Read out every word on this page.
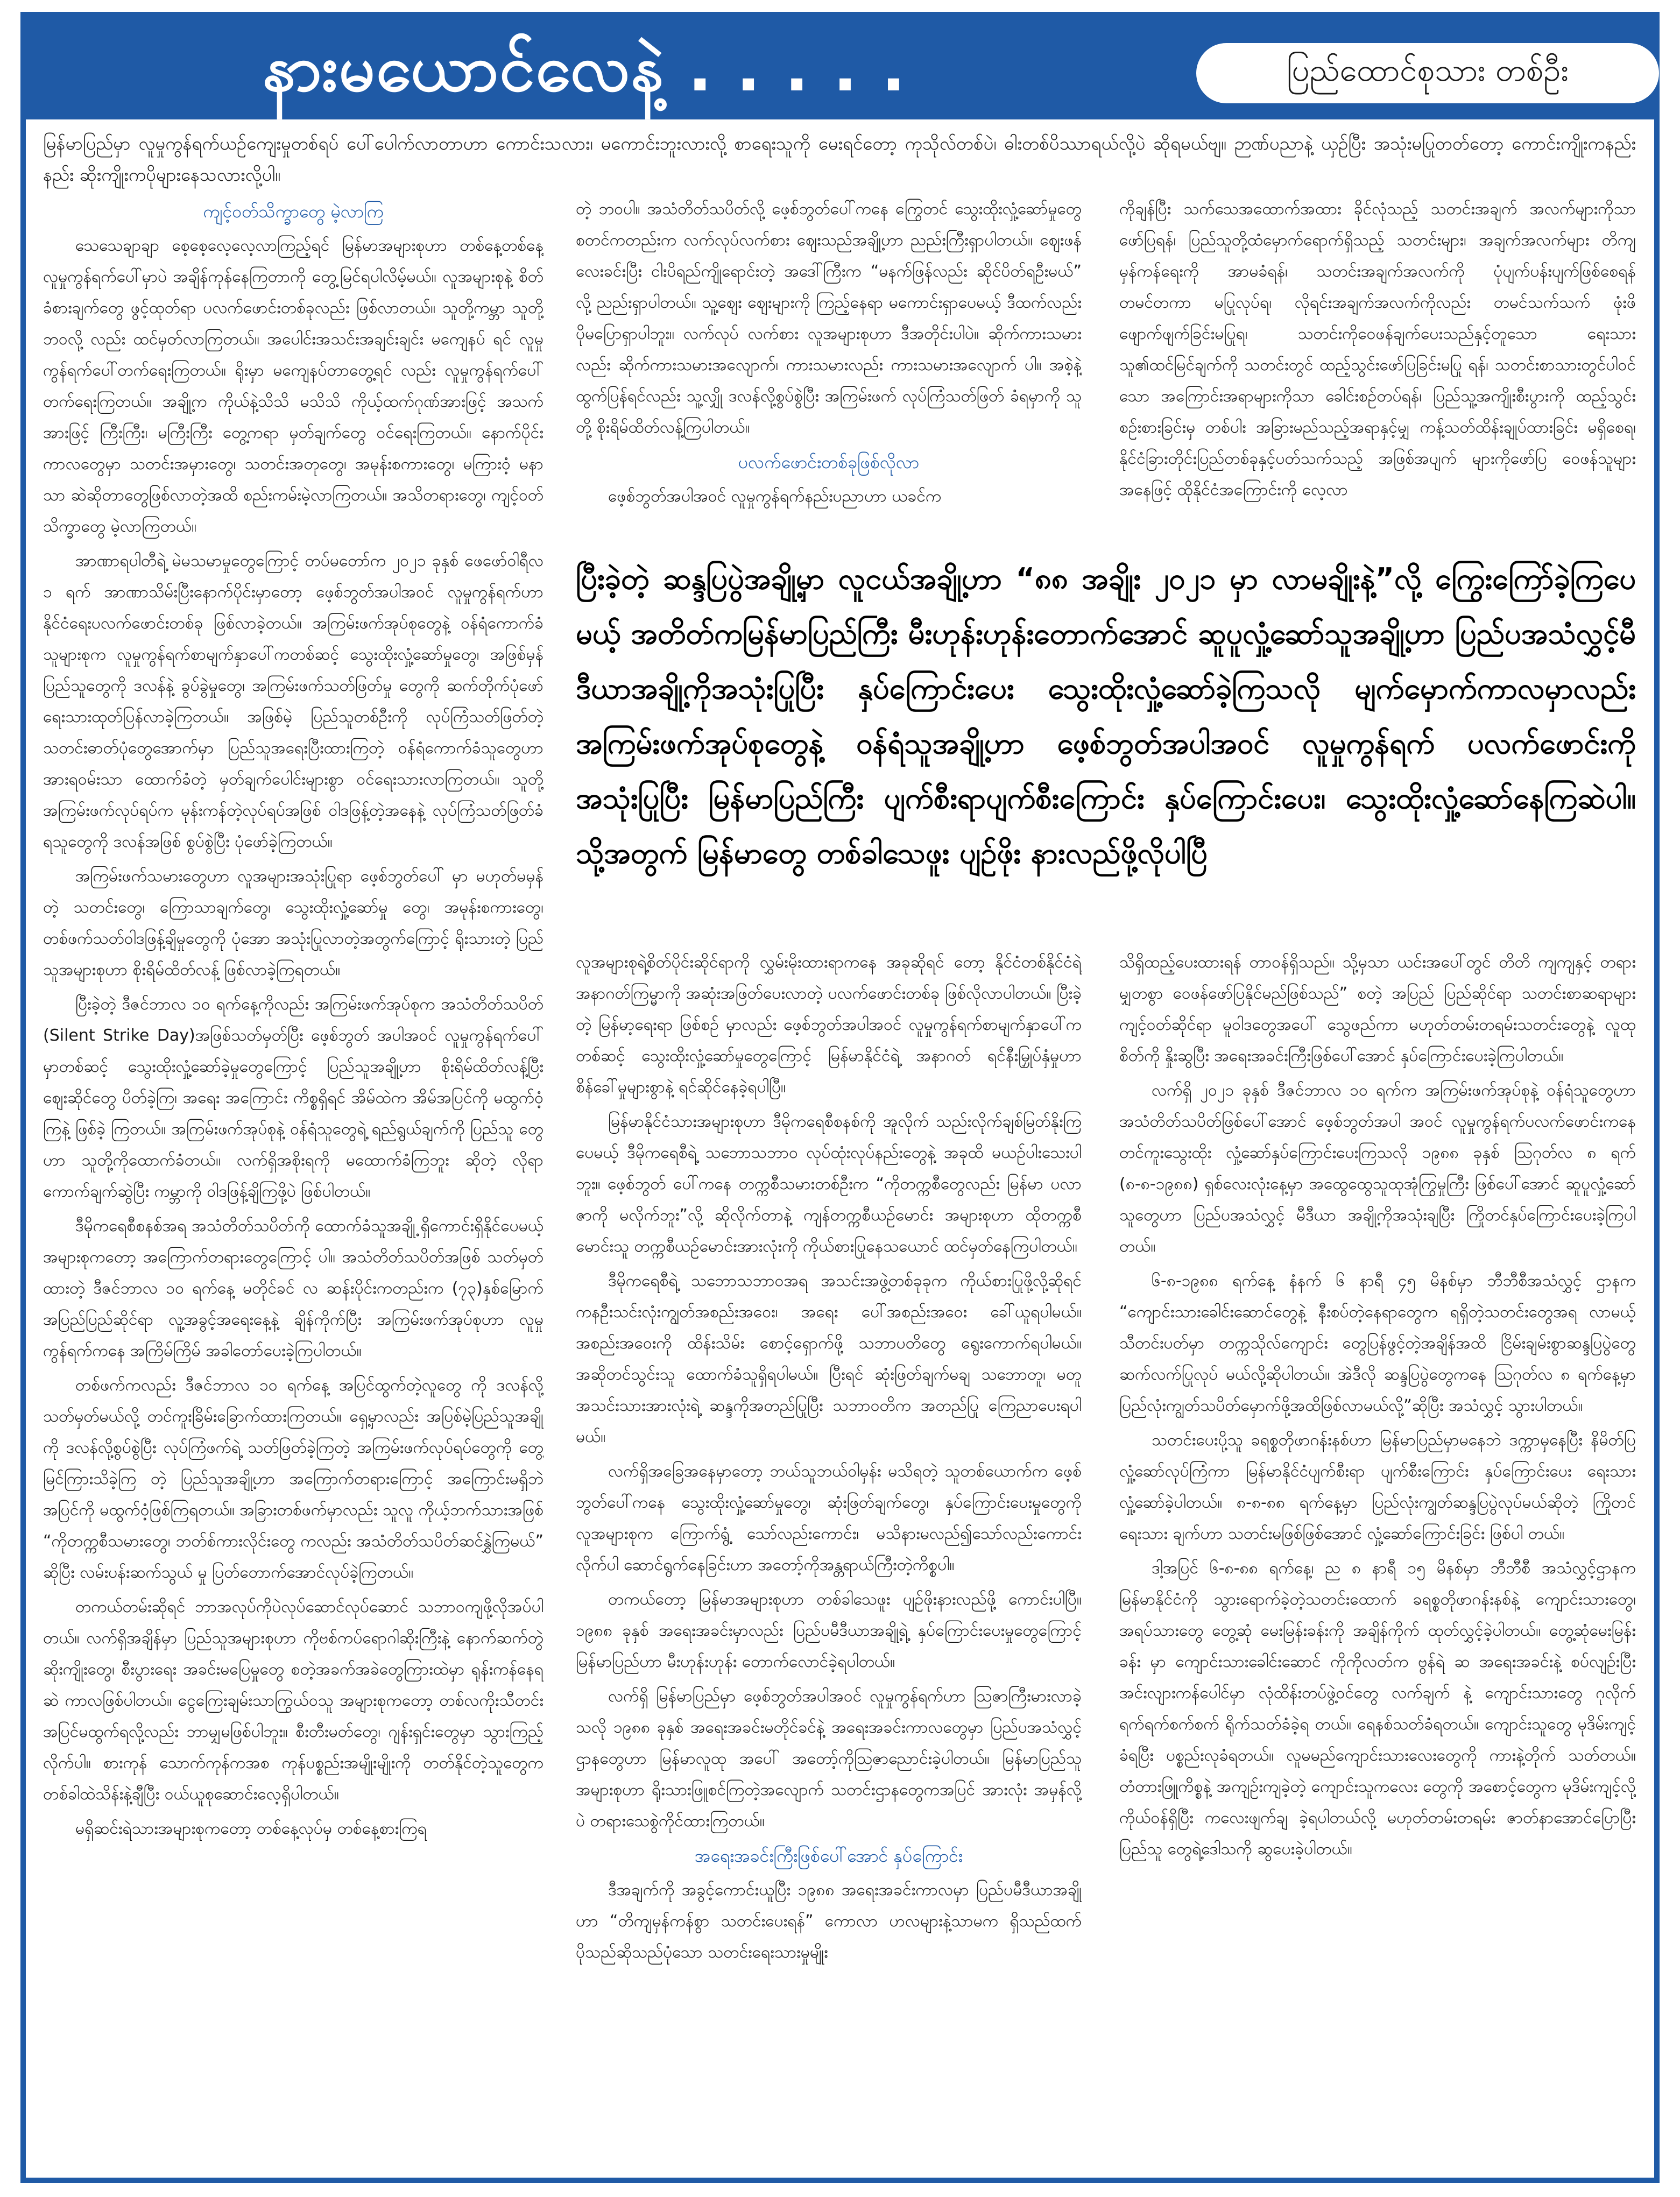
နားမယောင်လေနဲ့ . . . . .	ပြည်ထောင်စုသား တစ်ဦး
မြန်မာပြည်မှာ လူမှုကွန်ရက်ယဉ်ကျေးမှုတစ်ရပ် ပေါ်ပေါက်လာတာဟာ ကောင်းသလား၊ မကောင်းဘူးလားလို့ စာရေးသူကို မေးရင်တော့ ကုသိုလ်တစ်ပဲ၊ ဓါးတစ်ပိဿာရယ်လို့ပဲ ဆိုရမယ်ဗျ။ ဉာဏ်ပညာနဲ့ ယှဉ်ပြီး အသုံးမပြုတတ်တော့ ကောင်းကျိုးကနည်းနည်း ဆိုးကျိုးကပိုများနေသလားလို့ပါ။

ကျင့်ဝတ်သိက္ခာတွေ မဲ့လာကြ

သေသေချာချာ စေ့စေ့လေ့လေ့လာကြည့်ရင် မြန်မာအများစုဟာ တစ်နေ့တစ်နေ့ လူမှုကွန်ရက်ပေါ်မှာပဲ အချိန်ကုန်နေကြတာကို တွေ့မြင်ရပါလိမ့်မယ်။ လူအများစုနဲ့ စိတ်ခံစားချက်တွေ ဖွင့်ထုတ်ရာ ပလက်ဖောင်းတစ်ခုလည်း ဖြစ်လာတယ်။ သူတို့ကမ္ဘာ သူတို့ဘဝလို့ လည်း ထင်မှတ်လာကြတယ်။ အပေါင်းအသင်းအချင်းချင်း မကျေနပ် ရင် လူမှုကွန်ရက်ပေါ်တက်ရေးကြတယ်။ ရိုးမှာ မကျေနပ်တာတွေ့ရင် လည်း လူမှုကွန်ရက်ပေါ် တက်ရေးကြတယ်။ အချို့က ကိုယ်နဲ့သိသိ မသိသိ ကိုယ့်ထက်ဂုဏ်အားဖြင့် အသက်အားဖြင့် ကြီးကြီး၊ မကြီးကြီး တွေ့ကရာ မှတ်ချက်တွေ ဝင်ရေးကြတယ်။ နောက်ပိုင်းကာလတွေမှာ သတင်းအမှားတွေ၊ သတင်းအတုတွေ၊ အမုန်းစကားတွေ၊ မကြားဝံ့ မနာသာ ဆဲဆိုတာတွေဖြစ်လာတဲ့အထိ စည်းကမ်းမဲ့လာကြတယ်။ အသိတရားတွေ၊ ကျင့်ဝတ်သိက္ခာတွေ မဲ့လာကြတယ်။

အာဏာရပါတီရဲ့ မဲမသမာမှုတွေကြောင့် တပ်မတော်က ၂၀၂၁ ခုနှစ် ဖေဖော်ဝါရီလ ၁ ရက် အာဏာသိမ်းပြီးနောက်ပိုင်းမှာတော့ ဖေ့စ်ဘွတ်အပါအဝင် လူမှုကွန်ရက်ဟာ နိုင်ငံရေးပလက်ဖောင်းတစ်ခု ဖြစ်လာခဲ့တယ်။ အကြမ်းဖက်အုပ်စုတွေနဲ့ ဝန်ရံကောက်ခံသူများစုက လူမှုကွန်ရက်စာမျက်နှာပေါ်ကတစ်ဆင့် သွေးထိုးလှုံ့ဆော်မှုတွေ၊ အဖြစ်မှန်ပြည်သူတွေကို ဒလန်နဲ့ ခွပ်ခွဲမှုတွေ၊ အကြမ်းဖက်သတ်ဖြတ်မှု တွေကို ဆက်တိုက်ပုံဖော်ရေးသားထုတ်ပြန်လာခဲ့ကြတယ်။ အဖြစ်မဲ့ ပြည်သူတစ်ဦးကို လုပ်ကြံသတ်ဖြတ်တဲ့ သတင်းဓာတ်ပုံတွေအောက်မှာ ပြည်သူအရေးပြီးထားကြတဲ့ ဝန်ရံကောက်ခံသူတွေဟာ အားရဝမ်းသာ ထောက်ခံတဲ့ မှတ်ချက်ပေါင်းများစွာ ဝင်ရေးသားလာကြတယ်။ သူတို့ အကြမ်းဖက်လုပ်ရပ်က မုန်းကန်တဲ့လုပ်ရပ်အဖြစ် ဝါဒဖြန့်တဲ့အနေနဲ့ လုပ်ကြံသတ်ဖြတ်ခံရသူတွေကို ဒလန်အဖြစ် စွပ်စွဲပြီး ပုံဖော်ခဲ့ကြတယ်။

အကြမ်းဖက်သမားတွေဟာ လူအများအသုံးပြုရာ ဖေ့စ်ဘွတ်ပေါ် မှာ မဟုတ်မမှန်တဲ့ သတင်းတွေ၊ ကြောသာချက်တွေ၊ သွေးထိုးလှုံ့ဆော်မှု တွေ၊ အမုန်းစကားတွေ၊ တစ်ဖက်သတ်ဝါဒဖြန့်ချိမှုတွေကို ပုံအော အသုံးပြုလာတဲ့အတွက်ကြောင့် ရိုးသားတဲ့ ပြည်သူအများစုဟာ စိုးရိမ်ထိတ်လန့် ဖြစ်လာခဲ့ကြရတယ်။

ပြီးခဲ့တဲ့ ဒီဇင်ဘာလ ၁၀ ရက်နေ့ကိုလည်း အကြမ်းဖက်အုပ်စုက အသံတိတ်သပိတ် (Silent Strike Day)အဖြစ်သတ်မှတ်ပြီး ဖေ့စ်ဘွတ် အပါအဝင် လူမှုကွန်ရက်ပေါ်မှာတစ်ဆင့် သွေးထိုးလှုံ့ဆော်ခဲ့မှုတွေကြောင့် ပြည်သူအချို့ဟာ စိုးရိမ်ထိတ်လန့်ပြီး ဈေးဆိုင်တွေ ပိတ်ခဲ့ကြ၊ အရေး အကြောင်း ကိစ္စရှိရင် အိမ်ထဲက အိမ်အပြင်ကို မထွက်ဝံ့ကြနဲ့ ဖြစ်ခဲ့ ကြတယ်။ အကြမ်းဖက်အုပ်စုနဲ့ ဝန်ရံသူတွေရဲ့ ရည်ရွယ်ချက်ကို ပြည်သူ တွေဟာ သူတို့ကိုထောက်ခံတယ်။ လက်ရှိအစိုးရကို မထောက်ခံကြဘူး ဆိုတဲ့ လိုရာကောက်ချက်ဆွဲပြီး ကမ္ဘာကို ဝါဒဖြန့်ချိကြဖို့ပဲ ဖြစ်ပါတယ်။

ဒီမိုကရေစီစနစ်အရ အသံတိတ်သပိတ်ကို ထောက်ခံသူအချို့ ရှိကောင်းရှိနိုင်ပေမယ့် အများစုကတော့ အကြောက်တရားတွေကြောင့် ပါ။ အသံတိတ်သပိတ်အဖြစ် သတ်မှတ်ထားတဲ့ ဒီဇင်ဘာလ ၁၀ ရက်နေ့ မတိုင်ခင် လ ဆန်းပိုင်းကတည်းက (၇၃)နှစ်မြောက် အပြည်ပြည်ဆိုင်ရာ လူ့အခွင့်အရေးနေ့နဲ့ ချိန်ကိုက်ပြီး အကြမ်းဖက်အုပ်စုဟာ လူမှု ကွန်ရက်ကနေ အကြိမ်ကြိမ် အခါတော်ပေးခဲ့ကြပါတယ်။

တစ်ဖက်ကလည်း ဒီဇင်ဘာလ ၁၀ ရက်နေ့ အပြင်ထွက်တဲ့လူတွေ ကို ဒလန်လို့ သတ်မှတ်မယ်လို့ တင်ကူးခြိမ်းခြောက်ထားကြတယ်။ ရှေ့မှာလည်း အပြစ်မဲ့ပြည်သူအချို့ကို ဒလန်လို့စွပ်စွဲပြီး လုပ်ကြံဖက်ရဲ့ သတ်ဖြတ်ခဲ့ကြတဲ့ အကြမ်းဖက်လုပ်ရပ်တွေကို တွေ့မြင်ကြားသိခဲ့ကြ တဲ့ ပြည်သူအချို့ဟာ အကြောက်တရားကြောင့် အကြောင်းမရှိဘဲ အပြင်ကို မထွက်ဝံ့ဖြစ်ကြရတယ်။ အခြားတစ်ဖက်မှာလည်း သူလူ ကိုယ့်ဘက်သားအဖြစ် “ကိုတက္ကစီသမားတွေ၊ ဘတ်စ်ကားလိုင်းတွေ ကလည်း အသံတိတ်သပိတ်ဆင်နွှဲကြမယ်” ဆိုပြီး လမ်းပန်းဆက်သွယ် မှု ပြတ်တောက်အောင်လုပ်ခဲ့ကြတယ်။

တကယ်တမ်းဆိုရင် ဘာအလုပ်ကိုပဲလုပ်ဆောင်လုပ်ဆောင် သဘာဝကျဖို့လိုအပ်ပါတယ်။ လက်ရှိအချိန်မှာ ပြည်သူအများစုဟာ ကိုဗစ်ကပ်ရောဂါဆိုးကြီးနဲ့ နောက်ဆက်တွဲဆိုးကျိုးတွေ၊ စီးပွားရေး အခင်းမပြေမှုတွေ စတဲ့အခက်အခဲတွေကြားထဲမှာ ရုန်းကန်နေရဆဲ ကာလဖြစ်ပါတယ်။ ငွေကြေးချမ်းသာကြွယ်ဝသူ အများစုကတော့ တစ်လကိုးသီတင်း အပြင်မထွက်ရလို့လည်း ဘာမျှမဖြစ်ပါဘူး။ စီးတီးမတ်တွေ၊ ဂျန်းရှင်းတွေမှာ သွားကြည့်လိုက်ပါ။ စားကုန် သောက်ကုန်ကအစ ကုန်ပစ္စည်းအမျိုးမျိုးကို တတ်နိုင်တဲ့သူတွေက တစ်ခါထဲသိန်းနဲ့ချီပြီး ဝယ်ယူစုဆောင်းလေ့ရှိပါတယ်။

မရှိဆင်းရဲသားအများစုကတော့ တစ်နေ့လုပ်မှ တစ်နေ့စားကြရ

တဲ့ ဘဝပါ။ အသံတိတ်သပိတ်လို့ ဖေ့စ်ဘွတ်ပေါ်ကနေ ကြွေတင် သွေးထိုးလှုံ့ဆော်မှုတွေ စတင်ကတည်းက လက်လုပ်လက်စား ဈေးသည်အချို့ဟာ ညည်းကြီးရှာပါတယ်။ ဈေးဖန်လေးခင်းပြီး ငါးပိရည်ကျိုရောင်းတဲ့ အဒေါ်ကြီးက “မနက်ဖြန်လည်း ဆိုင်ပိတ်ရဦးမယ်” လို့ ညည်းရှာပါတယ်။ သူ့ဈေး ဈေးများကို ကြည့်နေရာ မကောင်းရှာပေမယ့် ဒီထက်လည်း ပိုမပြောရှာပါဘူး။ လက်လုပ် လက်စား လူအများစုဟာ ဒီအတိုင်းပါပဲ။ ဆိုက်ကားသမားလည်း ဆိုက်ကားသမားအလျောက်၊ ကားသမားလည်း ကားသမားအလျောက် ပါ။ အစဲ့နဲ့ထွက်ပြန်ရင်လည်း သူ့လျှို ဒလန်လို့စွပ်စွဲပြီး အကြမ်းဖက် လုပ်ကြံသတ်ဖြတ် ခံရမှာကို သူတို့ စိုးရိမ်ထိတ်လန့်ကြပါတယ်။

ပလက်ဖောင်းတစ်ခုဖြစ်လိုလာ

ဖေ့စ်ဘွတ်အပါအဝင် လူမှုကွန်ရက်နည်းပညာဟာ ယခင်က

ကိုချန်ပြီး သက်သေအထောက်အထား ခိုင်လုံသည့် သတင်းအချက် အလက်များကိုသာ ဖော်ပြရန်၊ ပြည်သူတို့ထံမှောက်ရောက်ရှိသည့် သတင်းများ၊ အချက်အလက်များ တိကျမှန်ကန်ရေးကို အာမခံရန်၊ သတင်းအချက်အလက်ကို ပုံပျက်ပန်းပျက်ဖြစ်စေရန် တမင်တကာ မပြုလုပ်ရ၊ လိုရင်းအချက်အလက်ကိုလည်း တမင်သက်သက် ဖုံးဖိ ဖျောက်ဖျက်ခြင်းမပြုရ၊ သတင်းကိုဝေဖန်ချက်ပေးသည်နှင့်တူသော ရေးသားသူ၏ထင်မြင်ချက်ကို သတင်းတွင် ထည့်သွင်းဖော်ပြခြင်းမပြု ရန်၊ သတင်းစာသားတွင်ပါဝင်သော အကြောင်းအရာများကိုသာ ခေါင်းစဉ်တပ်ရန်၊ ပြည်သူ့အကျိုးစီးပွားကို ထည့်သွင်းစဉ်းစားခြင်းမှ တစ်ပါး အခြားမည်သည့်အရာနှင့်မျှ ကန့်သတ်ထိန်းချုပ်ထားခြင်း မရှိစေရ၊ နိုင်ငံခြားတိုင်းပြည်တစ်ခုနှင့်ပတ်သက်သည့် အဖြစ်အပျက် များကိုဖော်ပြ ဝေဖန်သူများအနေဖြင့် ထိုနိုင်ငံအကြောင်းကို လေ့လာ

ပြီးခဲ့တဲ့ ဆန္ဒပြပွဲအချို့မှာ လူငယ်အချို့ဟာ “၈၈ အချိုး ၂၀၂၁ မှာ လာမချိုးနဲ့”လို့ ကြွေးကြော်ခဲ့ကြပေမယ့် အတိတ်ကမြန်မာပြည်ကြီး မီးဟုန်းဟုန်းတောက်အောင် ဆူပူလှုံ့ဆော်သူအချို့ဟာ ပြည်ပအသံလွှင့်မီဒီယာအချို့ကိုအသုံးပြုပြီး နှပ်ကြောင်းပေး သွေးထိုးလှုံ့ဆော်ခဲ့ကြသလို မျက်မှောက်ကာလမှာလည်း အကြမ်းဖက်အုပ်စုတွေနဲ့ ဝန်ရံသူအချို့ဟာ ဖေ့စ်ဘွတ်အပါအဝင် လူမှုကွန်ရက် ပလက်ဖောင်းကို အသုံးပြုပြီး မြန်မာပြည်ကြီး ပျက်စီးရာပျက်စီးကြောင်း နှပ်ကြောင်းပေး၊ သွေးထိုးလှုံ့ဆော်နေကြဆဲပါ။ သို့အတွက် မြန်မာတွေ တစ်ခါသေဖူး ပျဉ်ဖိုး နားလည်ဖို့လိုပါပြီ

လူအများစုရဲ့စိတ်ပိုင်းဆိုင်ရာကို လွှမ်းမိုးထားရာကနေ အခုဆိုရင် တော့ နိုင်ငံတစ်နိုင်ငံရဲ့အနာဂတ်ကြမ္မာကို အဆုံးအဖြတ်ပေးလာတဲ့ ပလက်ဖောင်းတစ်ခု ဖြစ်လိုလာပါတယ်။ ပြီးခဲ့တဲ့ မြန်မာ့ရေးရာ ဖြစ်စဉ် မှာလည်း ဖေ့စ်ဘွတ်အပါအဝင် လူမှုကွန်ရက်စာမျက်နှာပေါ်က တစ်ဆင့် သွေးထိုးလှုံ့ဆော်မှုတွေကြောင့် မြန်မာနိုင်ငံရဲ့ အနာဂတ် ရင်နီးမြှုပ်နှံမှုဟာ စိန်ခေါ်မှုများစွာနဲ့ ရင်ဆိုင်နေခဲ့ရပါပြီ။

မြန်မာနိုင်ငံသားအများစုဟာ ဒီမိုကရေစီစနစ်ကို အူလိုက် သည်းလိုက်ချစ်မြတ်နိုးကြပေမယ့် ဒီမိုကရေစီရဲ့ သဘောသဘာဝ လုပ်ထုံးလုပ်နည်းတွေနဲ့ အခုထိ မယဉ်ပါးသေးပါဘူး။ ဖေ့စ်ဘွတ် ပေါ်ကနေ တက္ကစီသမားတစ်ဦးက “ကိုတက္ကစီတွေလည်း မြန်မာ ပလာဇာကို မလိုက်ဘူး”လို့ ဆိုလိုက်တာနဲ့ ကျန်တက္ကစီယဉ်မောင်း အများစုဟာ ထိုတက္ကစီမောင်းသူ တက္ကစီယဉ်မောင်းအားလုံးကို ကိုယ်စားပြုနေသယောင် ထင်မှတ်နေကြပါတယ်။

ဒီမိုကရေစီရဲ့ သဘောသဘာဝအရ အသင်းအဖွဲ့တစ်ခုခုက ကိုယ်စားပြုဖို့လို့ဆိုရင် ကနဦးသင်းလုံးကျွတ်အစည်းအဝေး၊ အရေး ပေါ်အစည်းအဝေး ခေါ်ယူရပါမယ်။ အစည်းအဝေးကို ထိန်းသိမ်း စောင့်ရှောက်ဖို့ သဘာပတိတွေ ရွေးကောက်ရပါမယ်။ အဆိုတင်သွင်းသူ ထောက်ခံသူရှိရပါမယ်။ ပြီးရင် ဆုံးဖြတ်ချက်မချ သဘောတူ၊ မတူ အသင်းသားအားလုံးရဲ့ ဆန္ဒကိုအတည်ပြုပြီး သဘာဝတိက အတည်ပြု ကြေညာပေးရပါမယ်။

လက်ရှိအခြေအနေမှာတော့ ဘယ်သူဘယ်ဝါမှန်း မသိရတဲ့ သူတစ်ယောက်က ဖေ့စ်ဘွတ်ပေါ်ကနေ သွေးထိုးလှုံ့ဆော်မှုတွေ၊ ဆုံးဖြတ်ချက်တွေ၊ နှပ်ကြောင်းပေးမှုတွေကို လူအများစုက ကြောက်ရွံ့ သော်လည်းကောင်း၊ မသိနားမလည်၍သော်လည်းကောင်း လိုက်ပါ ဆောင်ရွက်နေခြင်းဟာ အတော့်ကိုအန္တရာယ်ကြီးတဲ့ကိစ္စပါ။

တကယ်တော့ မြန်မာအများစုဟာ တစ်ခါသေဖူး ပျဉ်ဖိုးနားလည်ဖို့ ကောင်းပါပြီ။ ၁၉၈၈ ခုနှစ် အရေးအခင်းမှာလည်း ပြည်ပမီဒီယာအချို့ရဲ့ နှပ်ကြောင်းပေးမှုတွေကြောင့် မြန်မာပြည်ဟာ မီးဟုန်းဟုန်း တောက်လောင်ခဲ့ရပါတယ်။

လက်ရှိ မြန်မာပြည်မှာ ဖေ့စ်ဘွတ်အပါအဝင် လူမှုကွန်ရက်ဟာ ဩဇာကြီးမားလာခဲ့သလို ၁၉၈၈ ခုနှစ် အရေးအခင်းမတိုင်ခင်နဲ့ အရေးအခင်းကာလတွေမှာ ပြည်ပအသံလွှင့်ဌာနတွေဟာ မြန်မာလူထု အပေါ် အတော့်ကိုဩဇာညောင်းခဲ့ပါတယ်။ မြန်မာပြည်သူအများစုဟာ ရိုးသားဖြူစင်ကြတဲ့အလျောက် သတင်းဌာနတွေကအပြင် အားလုံး အမှန်လို့ပဲ တရားသေစွဲကိုင်ထားကြတယ်။

အရေးအခင်းကြီးဖြစ်ပေါ်အောင် နှပ်ကြောင်း

ဒီအချက်ကို အခွင့်ကောင်းယူပြီး ၁၉၈၈ အရေးအခင်းကာလမှာ ပြည်ပမီဒီယာအချို့ဟာ “တိကျမှန်ကန်စွာ သတင်းပေးရန်” ကောလာ ဟလများနဲ့သာမက ရှိသည်ထက်ပိုသည်ဆိုသည်ပုံသော သတင်းရေးသားမှုမျိုး

သိရှိထည့်ပေးထားရန် တာဝန်ရှိသည်။ သို့မှသာ ယင်းအပေါ်တွင် တိတိ ကျကျနှင့် တရားမျှတစွာ ဝေဖန်ဖော်ပြနိုင်မည်ဖြစ်သည်” စတဲ့ အပြည် ပြည်ဆိုင်ရာ သတင်းစာဆရာများ ကျင့်ဝတ်ဆိုင်ရာ မူဝါဒတွေအပေါ် သွေဖည်ကာ မဟုတ်တမ်းတရမ်းသတင်းတွေနဲ့ လူထုစိတ်ကို နှိုးဆွပြီး အရေးအခင်းကြီးဖြစ်ပေါ်အောင် နှပ်ကြောင်းပေးခဲ့ကြပါတယ်။

လက်ရှိ ၂၀၂၁ ခုနှစ် ဒီဇင်ဘာလ ၁၀ ရက်က အကြမ်းဖက်အုပ်စုနဲ့ ဝန်ရံသူတွေဟာ အသံတိတ်သပိတ်ဖြစ်ပေါ်အောင် ဖေ့စ်ဘွတ်အပါ အဝင် လူမှုကွန်ရက်ပလက်ဖောင်းကနေ တင်ကူးသွေးထိုး လှုံ့ဆော်နှပ်ကြောင်းပေးကြသလို ၁၉၈၈ ခုနှစ် ဩဂုတ်လ ၈ ရက် (၈-၈-၁၉၈၈) ရှစ်လေးလုံးနေ့မှာ အထွေထွေသူထုအုံကြွမှုကြီး ဖြစ်ပေါ်အောင် ဆူပူလှုံ့ဆော်သူတွေဟာ ပြည်ပအသံလွှင့် မီဒီယာ အချို့ကိုအသုံးချပြီး ကြိုတင်နှပ်ကြောင်းပေးခဲ့ကြပါတယ်။

၆-၈-၁၉၈၈ ရက်နေ့ နံနက် ၆ နာရီ ၄၅ မိနစ်မှာ ဘီဘီစီအသံလွှင့် ဌာနက “ကျောင်းသားခေါင်းဆောင်တွေနဲ့ နီးစပ်တဲ့နေရာတွေက ရရှိတဲ့သတင်းတွေအရ လာမယ့် သီတင်းပတ်မှာ တက္ကသိုလ်ကျောင်း တွေပြန်ဖွင့်တဲ့အချိန်အထိ ငြိမ်းချမ်းစွာဆန္ဒပြပွဲတွေ ဆက်လက်ပြုလုပ် မယ်လို့ဆိုပါတယ်။ အဲဒီလို ဆန္ဒပြပွဲတွေကနေ ဩဂုတ်လ ၈ ရက်နေ့မှာ ပြည်လုံးကျွတ်သပိတ်မှောက်ဖို့အထိဖြစ်လာမယ်လို့”ဆိုပြီး အသံလွှင့် သွားပါတယ်။

သတင်းပေးပို့သူ ခရစ္စတိုဖာဂန်းနစ်ဟာ မြန်မာပြည်မှာမနေဘဲ ဒက္ကာမှနေပြီး နိမိတ်ပြလှုံ့ဆော်လုပ်ကြံကာ မြန်မာနိုင်ငံပျက်စီးရာ ပျက်စီးကြောင်း နှပ်ကြောင်းပေး ရေးသားလှုံ့ဆော်ခဲ့ပါတယ်။ ၈-၈-၈၈ ရက်နေ့မှာ ပြည်လုံးကျွတ်ဆန္ဒပြပွဲလုပ်မယ်ဆိုတဲ့ ကြိုတင်ရေးသား ချက်ဟာ သတင်းမဖြစ်ဖြစ်အောင် လှုံ့ဆော်ကြောင်းခြင်း ဖြစ်ပါ တယ်။

ဒါ့အပြင် ၆-၈-၈၈ ရက်နေ့၊ ည ၈ နာရီ ၁၅ မိနစ်မှာ ဘီဘီစီ အသံလွှင့်ဌာနက မြန်မာနိုင်ငံကို သွားရောက်ခဲ့တဲ့သတင်းထောက် ခရစ္စတိုဖာဂန်းနစ်နဲ့ ကျောင်းသားတွေ၊ အရပ်သားတွေ တွေ့ဆုံ မေးမြန်းခန်းကို အချိန်ကိုက် ထုတ်လွှင့်ခဲ့ပါတယ်။ တွေ့ဆုံမေးမြန်းခန်း မှာ ကျောင်းသားခေါင်းဆောင် ကိုကိုလတ်က ဗွန်ရဲ ဆ အရေးအခင်းနဲ့ စပ်လျဉ်းပြီး အင်းလျားကန်ပေါင်မှာ လုံထိန်းတပ်ဖွဲ့ဝင်တွေ လက်ချက် နဲ့ ကျောင်းသားတွေ ဂုလိုက်ရက်ရက်စက်စက် ရိုက်သတ်ခံခဲ့ရ တယ်။ ရေနစ်သတ်ခံရတယ်။ ကျောင်းသူတွေ မုဒိမ်းကျင့်ခံရပြီး ပစ္စည်းလုခံရတယ်။ လူမမည်ကျောင်းသားလေးတွေကို ကားနဲ့တိုက် သတ်တယ်။ တံတားဖြူကိစ္စနဲ့ အကျဉ်းကျခဲ့တဲ့ ကျောင်းသူကလေး တွေကို အစောင့်တွေက မုဒိမ်းကျင့်လို့ ကိုယ်ဝန်ရှိပြီး ကလေးဖျက်ချ ခဲ့ရပါတယ်လို့ မဟုတ်တမ်းတရမ်း ဇာတ်နာအောင်ပြောပြီး ပြည်သူ တွေရဲ့ဒေါသကို ဆွပေးခဲ့ပါတယ်။
